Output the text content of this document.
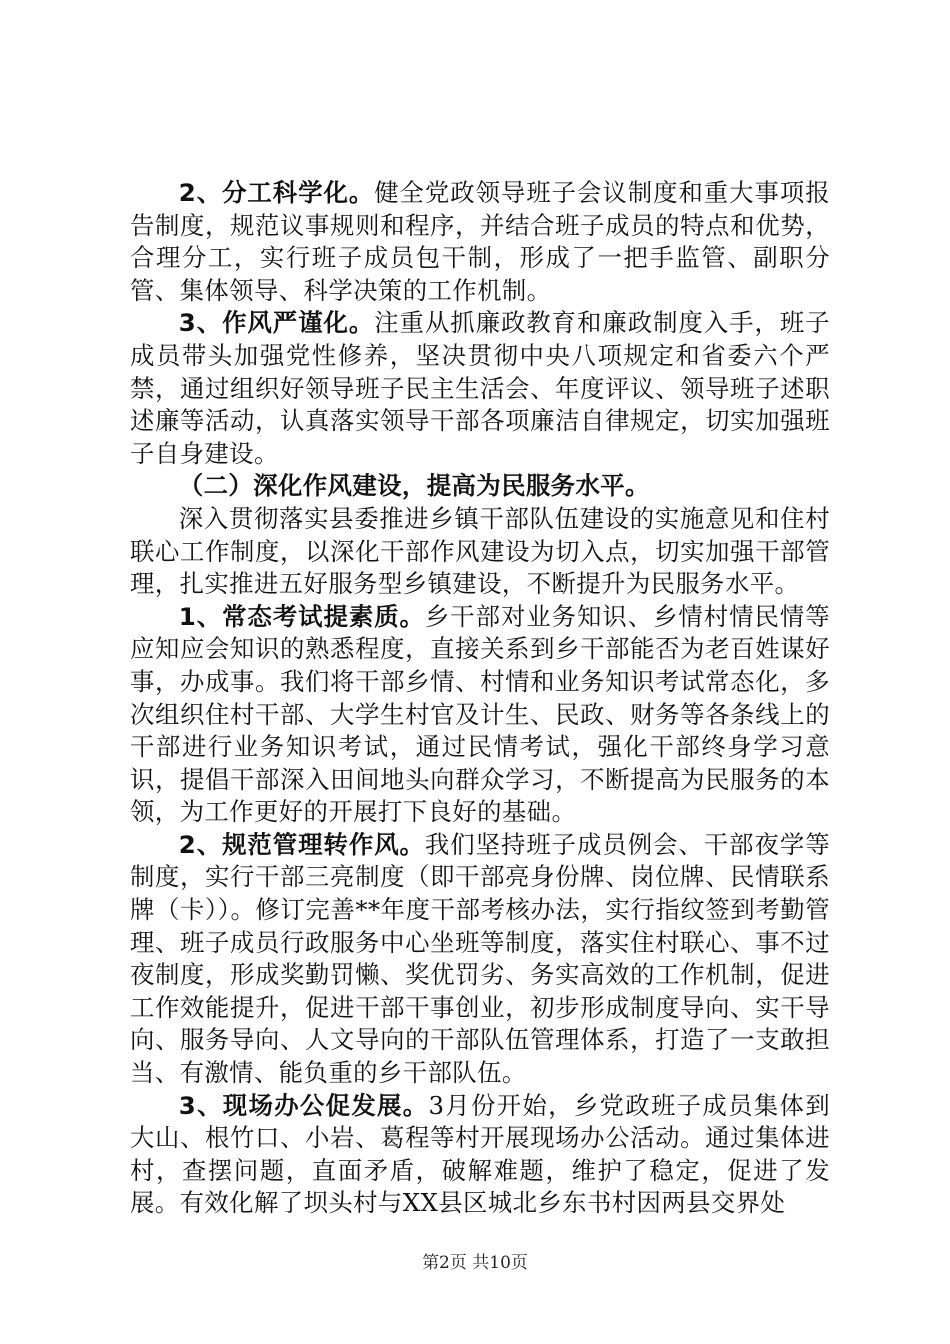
2、分工科学化。健全党政领导班子会议制度和重大事项报告制度，规范议事规则和程序，并结合班子成员的特点和优势，合理分工，实行班子成员包干制，形成了一把手监管、副职分管、集体领导、科学决策的工作机制。

3、作风严谨化。注重从抓廉政教育和廉政制度入手，班子成员带头加强党性修养，坚决贯彻中央八项规定和省委六个严禁，通过组织好领导班子民主生活会、年度评议、领导班子述职述廉等活动，认真落实领导干部各项廉洁自律规定，切实加强班子自身建设。

（二）深化作风建设，提高为民服务水平。

深入贯彻落实县委推进乡镇干部队伍建设的实施意见和住村联心工作制度，以深化干部作风建设为切入点，切实加强干部管理，扎实推进五好服务型乡镇建设，不断提升为民服务水平。

1、常态考试提素质。乡干部对业务知识、乡情村情民情等应知应会知识的熟悉程度，直接关系到乡干部能否为老百姓谋好事，办成事。我们将干部乡情、村情和业务知识考试常态化，多次组织住村干部、大学生村官及计生、民政、财务等各条线上的干部进行业务知识考试，通过民情考试，强化干部终身学习意识，提倡干部深入田间地头向群众学习，不断提高为民服务的本领，为工作更好的开展打下良好的基础。

2、规范管理转作风。我们坚持班子成员例会、干部夜学等制度，实行干部三亮制度（即干部亮身份牌、岗位牌、民情联系牌（卡））。修订完善**年度干部考核办法，实行指纹签到考勤管理、班子成员行政服务中心坐班等制度，落实住村联心、事不过夜制度，形成奖勤罚懒、奖优罚劣、务实高效的工作机制，促进工作效能提升，促进干部干事创业，初步形成制度导向、实干导向、服务导向、人文导向的干部队伍管理体系，打造了一支敢担当、有激情、能负重的乡干部队伍。

3、现场办公促发展。3月份开始，乡党政班子成员集体到大山、根竹口、小岩、葛程等村开展现场办公活动。通过集体进村，查摆问题，直面矛盾，破解难题，维护了稳定，促进了发展。有效化解了坝头村与XX县区城北乡东书村因两县交界处

第2页 共10页
